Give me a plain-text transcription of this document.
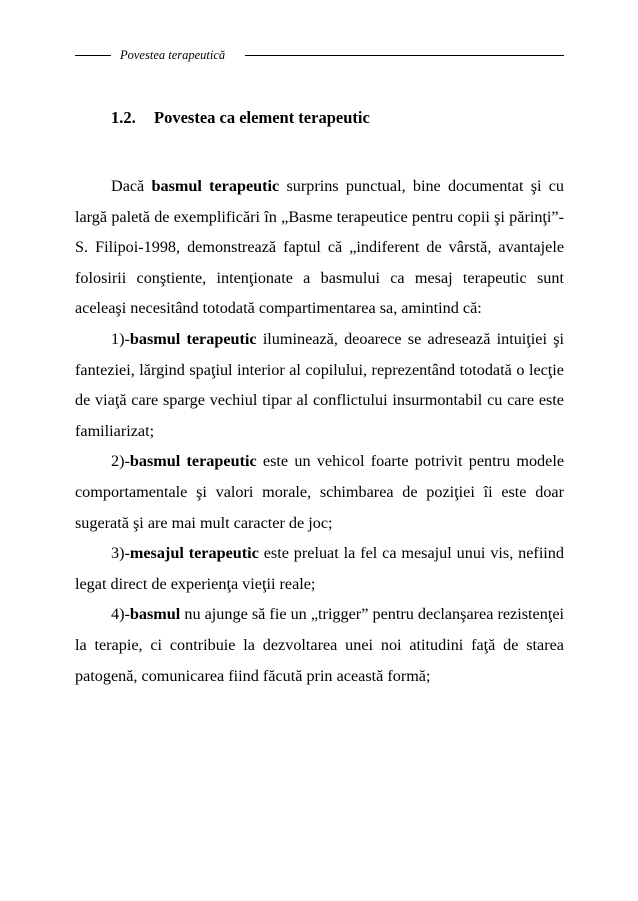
Povestea terapeutică
1.2. Povestea ca element terapeutic

Dacă basmul terapeutic surprins punctual, bine documentat şi cu largă paletă de exemplificări în „Basme terapeutice pentru copii şi părinţi”-S. Filipoi-1998, demonstrează faptul că „indiferent de vârstă, avantajele folosirii conştiente, intenţionate a basmului ca mesaj terapeutic sunt aceleaşi necesitând totodată compartimentarea sa, amintind că:

1)-basmul terapeutic iluminează, deoarece se adresează intuiţiei şi fanteziei, lărgind spaţiul interior al copilului, reprezentând totodată o lecţie de viaţă care sparge vechiul tipar al conflictului insurmontabil cu care este familiarizat;

2)-basmul terapeutic este un vehicol foarte potrivit pentru modele comportamentale şi valori morale, schimbarea de poziţiei îi este doar sugerată şi are mai mult caracter de joc;

3)-mesajul terapeutic este preluat la fel ca mesajul unui vis, nefiind legat direct de experienţa vieţii reale;

4)-basmul nu ajunge să fie un „trigger” pentru declanşarea rezistenţei la terapie, ci contribuie la dezvoltarea unei noi atitudini faţă de starea patogenă, comunicarea fiind făcută prin această formă;
